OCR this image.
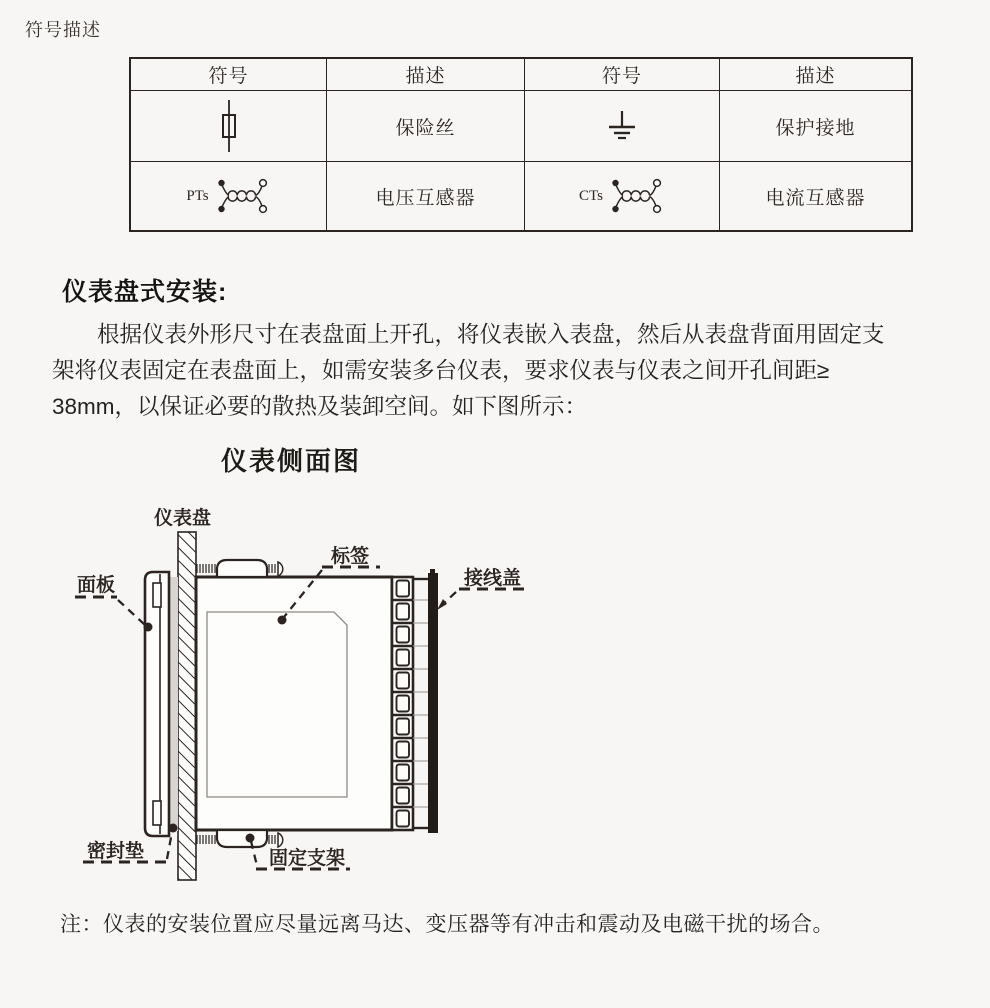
符号描述
符号	描述	符号	描述
保险丝	保护接地
PTs	电压互感器	CTs	电流互感器
仪表盘式安装:
根据仪表外形尺寸在表盘面上开孔，将仪表嵌入表盘，然后从表盘背面用固定支
架将仪表固定在表盘面上，如需安装多台仪表，要求仪表与仪表之间开孔间距≥
38mm，以保证必要的散热及装卸空间。如下图所示：
仪表侧面图
仪表盘
面板
标签
接线盖
密封垫	固定支架
注：仪表的安装位置应尽量远离马达、变压器等有冲击和震动及电磁干扰的场合。
